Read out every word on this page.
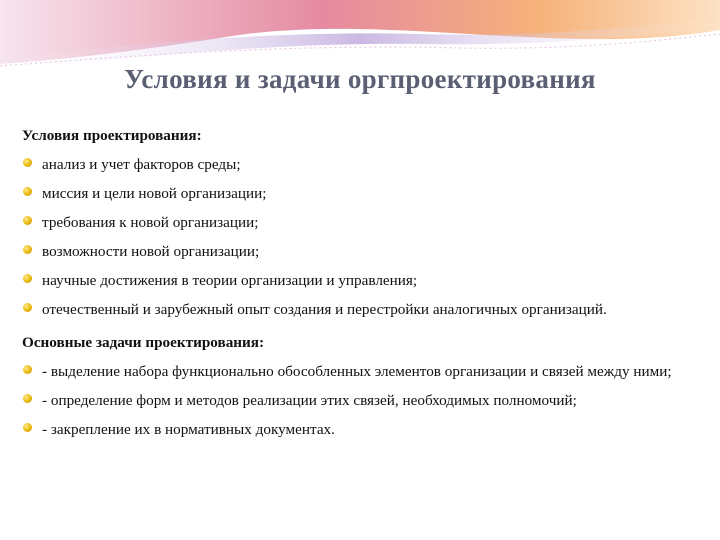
Условия и задачи оргпроектирования
Условия проектирования:
анализ и учет факторов среды;
миссия и цели новой организации;
требования к новой организации;
возможности новой организации;
научные достижения в теории организации и управления;
отечественный и зарубежный опыт создания и перестройки аналогичных организаций.
Основные задачи проектирования:
- выделение набора функционально обособленных элементов организации и связей между ними;
- определение форм и методов реализации этих связей, необходимых полномочий;
- закрепление их в нормативных документах.
